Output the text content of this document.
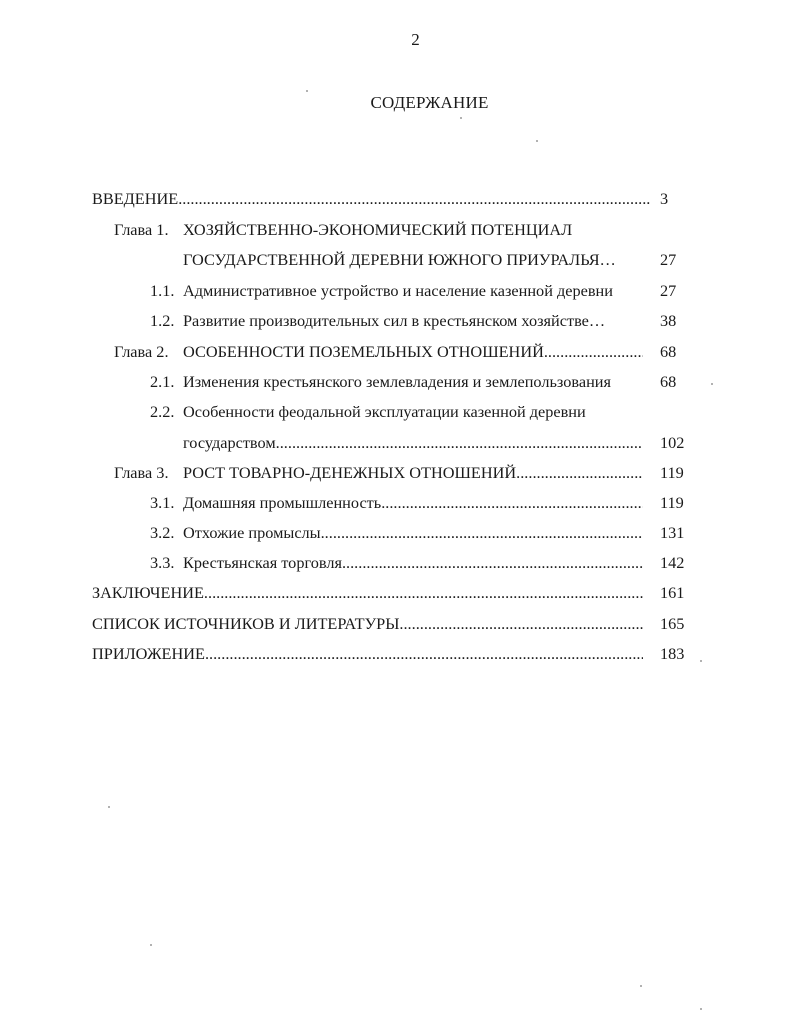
2
СОДЕРЖАНИЕ
ВВЕДЕНИЕ .....	3
Глава 1. ХОЗЯЙСТВЕННО-ЭКОНОМИЧЕСКИЙ ПОТЕНЦИАЛ
ГОСУДАРСТВЕННОЙ ДЕРЕВНИ ЮЖНОГО ПРИУРАЛЬЯ…	27
1.1. Административное устройство и население казенной деревни	27
1.2. Развитие производительных сил в крестьянском хозяйстве…	38
Глава 2. ОСОБЕННОСТИ ПОЗЕМЕЛЬНЫХ ОТНОШЕНИЙ .....	68
2.1. Изменения крестьянского землевладения и землепользования	68
2.2. Особенности феодальной эксплуатации казенной деревни
государством .....	102
Глава 3. РОСТ ТОВАРНО-ДЕНЕЖНЫХ ОТНОШЕНИЙ .....	119
3.1. Домашняя промышленность .....	119
3.2. Отхожие промыслы .....	131
3.3. Крестьянская торговля .....	142
ЗАКЛЮЧЕНИЕ .....	161
СПИСОК ИСТОЧНИКОВ И ЛИТЕРАТУРЫ .....	165
ПРИЛОЖЕНИЕ .....	183
